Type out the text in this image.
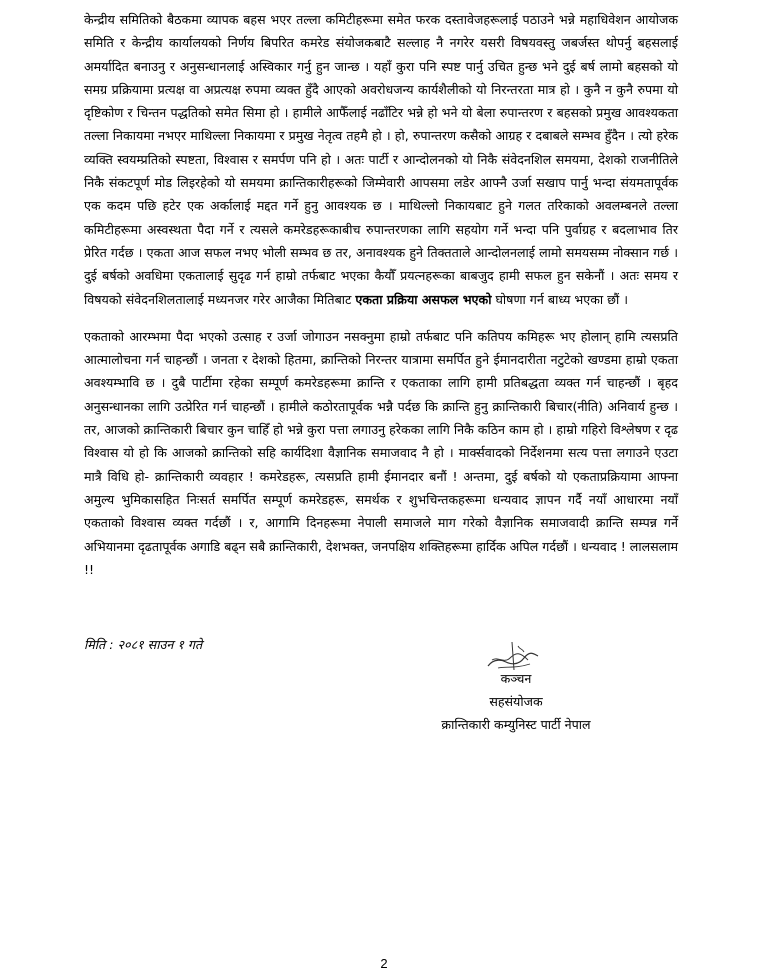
केन्द्रीय समितिको बैठकमा व्यापक बहस भएर तल्ला कमिटीहरूमा समेत फरक दस्तावेजहरूलाई पठाउने भन्ने महाधिवेशन आयोजक समिति र केन्द्रीय कार्यालयको निर्णय बिपरित कमरेड संयोजकबाटै सल्लाह नै नगरेर यसरी विषयवस्तु जबर्जस्त थोपर्नु बहसलाई अमर्यादित बनाउनु र अनुसन्धानलाई अस्विकार गर्नु हुन जान्छ । यहाँ कुरा पनि स्पष्ट पार्नु उचित हुन्छ भने दुई बर्ष लामो बहसको यो समग्र प्रक्रियामा प्रत्यक्ष वा अप्रत्यक्ष रुपमा व्यक्त हुँदै आएको अवरोधजन्य कार्यशैलीको यो निरन्तरता मात्र हो । कुनै न कुनै रुपमा यो दृष्टिकोण र चिन्तन पद्धतिको समेत सिमा हो । हामीले आफैँलाई नढाँटिर भन्ने हो भने यो बेला रुपान्तरण र बहसको प्रमुख आवश्यकता तल्ला निकायमा नभएर माथिल्ला निकायमा र प्रमुख नेतृत्व तहमै हो । हो, रुपान्तरण कसैको आग्रह र दबाबले सम्भव हुँदैन । त्यो हरेक व्यक्ति स्वयम्प्रतिको स्पष्टता, विश्वास र समर्पण पनि हो । अतः पार्टी र आन्दोलनको यो निकै संवेदनशिल समयमा, देशको राजनीतिले निकै संकटपूर्ण मोड लिइरहेको यो समयमा क्रान्तिकारीहरूको जिम्मेवारी आपसमा लडेर आफ्नै उर्जा सखाप पार्नु भन्दा संयमतापूर्वक एक कदम पछि हटेर एक अर्कालाई मद्दत गर्ने हुनु आवश्यक छ । माथिल्लो निकायबाट हुने गलत तरिकाको अवलम्बनले तल्ला कमिटीहरूमा अस्वस्थता पैदा गर्ने र त्यसले कमरेडहरूकाबीच रुपान्तरणका लागि सहयोग गर्ने भन्दा पनि पुर्वाग्रह र बदलाभाव तिर प्रेरित गर्दछ । एकता आज सफल नभए भोली सम्भव छ तर, अनावश्यक हुने तिक्तताले आन्दोलनलाई लामो समयसम्म नोक्सान गर्छ । दुई बर्षको अवधिमा एकतालाई सुदृढ गर्न हाम्रो तर्फबाट भएका कैयौँ प्रयत्नहरूका बाबजुद हामी सफल हुन सकेनौं । अतः समय र विषयको संवेदनशिलतालाई मध्यनजर गरेर आजैका मितिबाट एकता प्रक्रिया असफल भएको घोषणा गर्न बाध्य भएका छौं ।

एकताको आरम्भमा पैदा भएको उत्साह र उर्जा जोगाउन नसक्नुमा हाम्रो तर्फबाट पनि कतिपय कमिहरू भए होलान् हामि त्यसप्रति आत्मालोचना गर्न चाहन्छौं । जनता र देशको हितमा, क्रान्तिको निरन्तर यात्रामा समर्पित हुने ईमानदारीता नटुटेको खण्डमा हाम्रो एकता अवश्यम्भावि छ । दुबै पार्टीमा रहेका सम्पूर्ण कमरेडहरूमा क्रान्ति र एकताका लागि हामी प्रतिबद्धता व्यक्त गर्न चाहन्छौं । बृहद अनुसन्धानका लागि उत्प्रेरित गर्न चाहन्छौं । हामीले कठोरतापूर्वक भन्नै पर्दछ कि क्रान्ति हुनु क्रान्तिकारी बिचार(नीति) अनिवार्य हुन्छ । तर, आजको क्रान्तिकारी बिचार कुन चाहिँ हो भन्ने कुरा पत्ता लगाउनु हरेकका लागि निकै कठिन काम हो । हाम्रो गहिरो विश्लेषण र दृढ विश्वास यो हो कि आजको क्रान्तिको सहि कार्यदिशा वैज्ञानिक समाजवाद नै हो । मार्क्सवादको निर्देशनमा सत्य पत्ता लगाउने एउटा मात्रै विधि हो- क्रान्तिकारी व्यवहार ! कमरेडहरू, त्यसप्रति हामी ईमानदार बनौं ! अन्तमा, दुई बर्षको यो एकताप्रक्रियामा आफ्ना अमुल्य भुमिकासहित निःसर्त समर्पित सम्पूर्ण कमरेडहरू, समर्थक र शुभचिन्तकहरूमा धन्यवाद ज्ञापन गर्दै नयाँ आधारमा नयाँ एकताको विश्वास व्यक्त गर्दछौं । र, आगामि दिनहरूमा नेपाली समाजले माग गरेको वैज्ञानिक समाजवादी क्रान्ति सम्पन्न गर्ने अभियानमा दृढतापूर्वक अगाडि बढ्न सबै क्रान्तिकारी, देशभक्त, जनपक्षिय शक्तिहरूमा हार्दिक अपिल गर्दछौं । धन्यवाद ! लालसलाम !!

मिति : २०८१ साउन १ गते

कञ्चन
सहसंयोजक
क्रान्तिकारी कम्युनिस्ट पार्टी नेपाल
2
